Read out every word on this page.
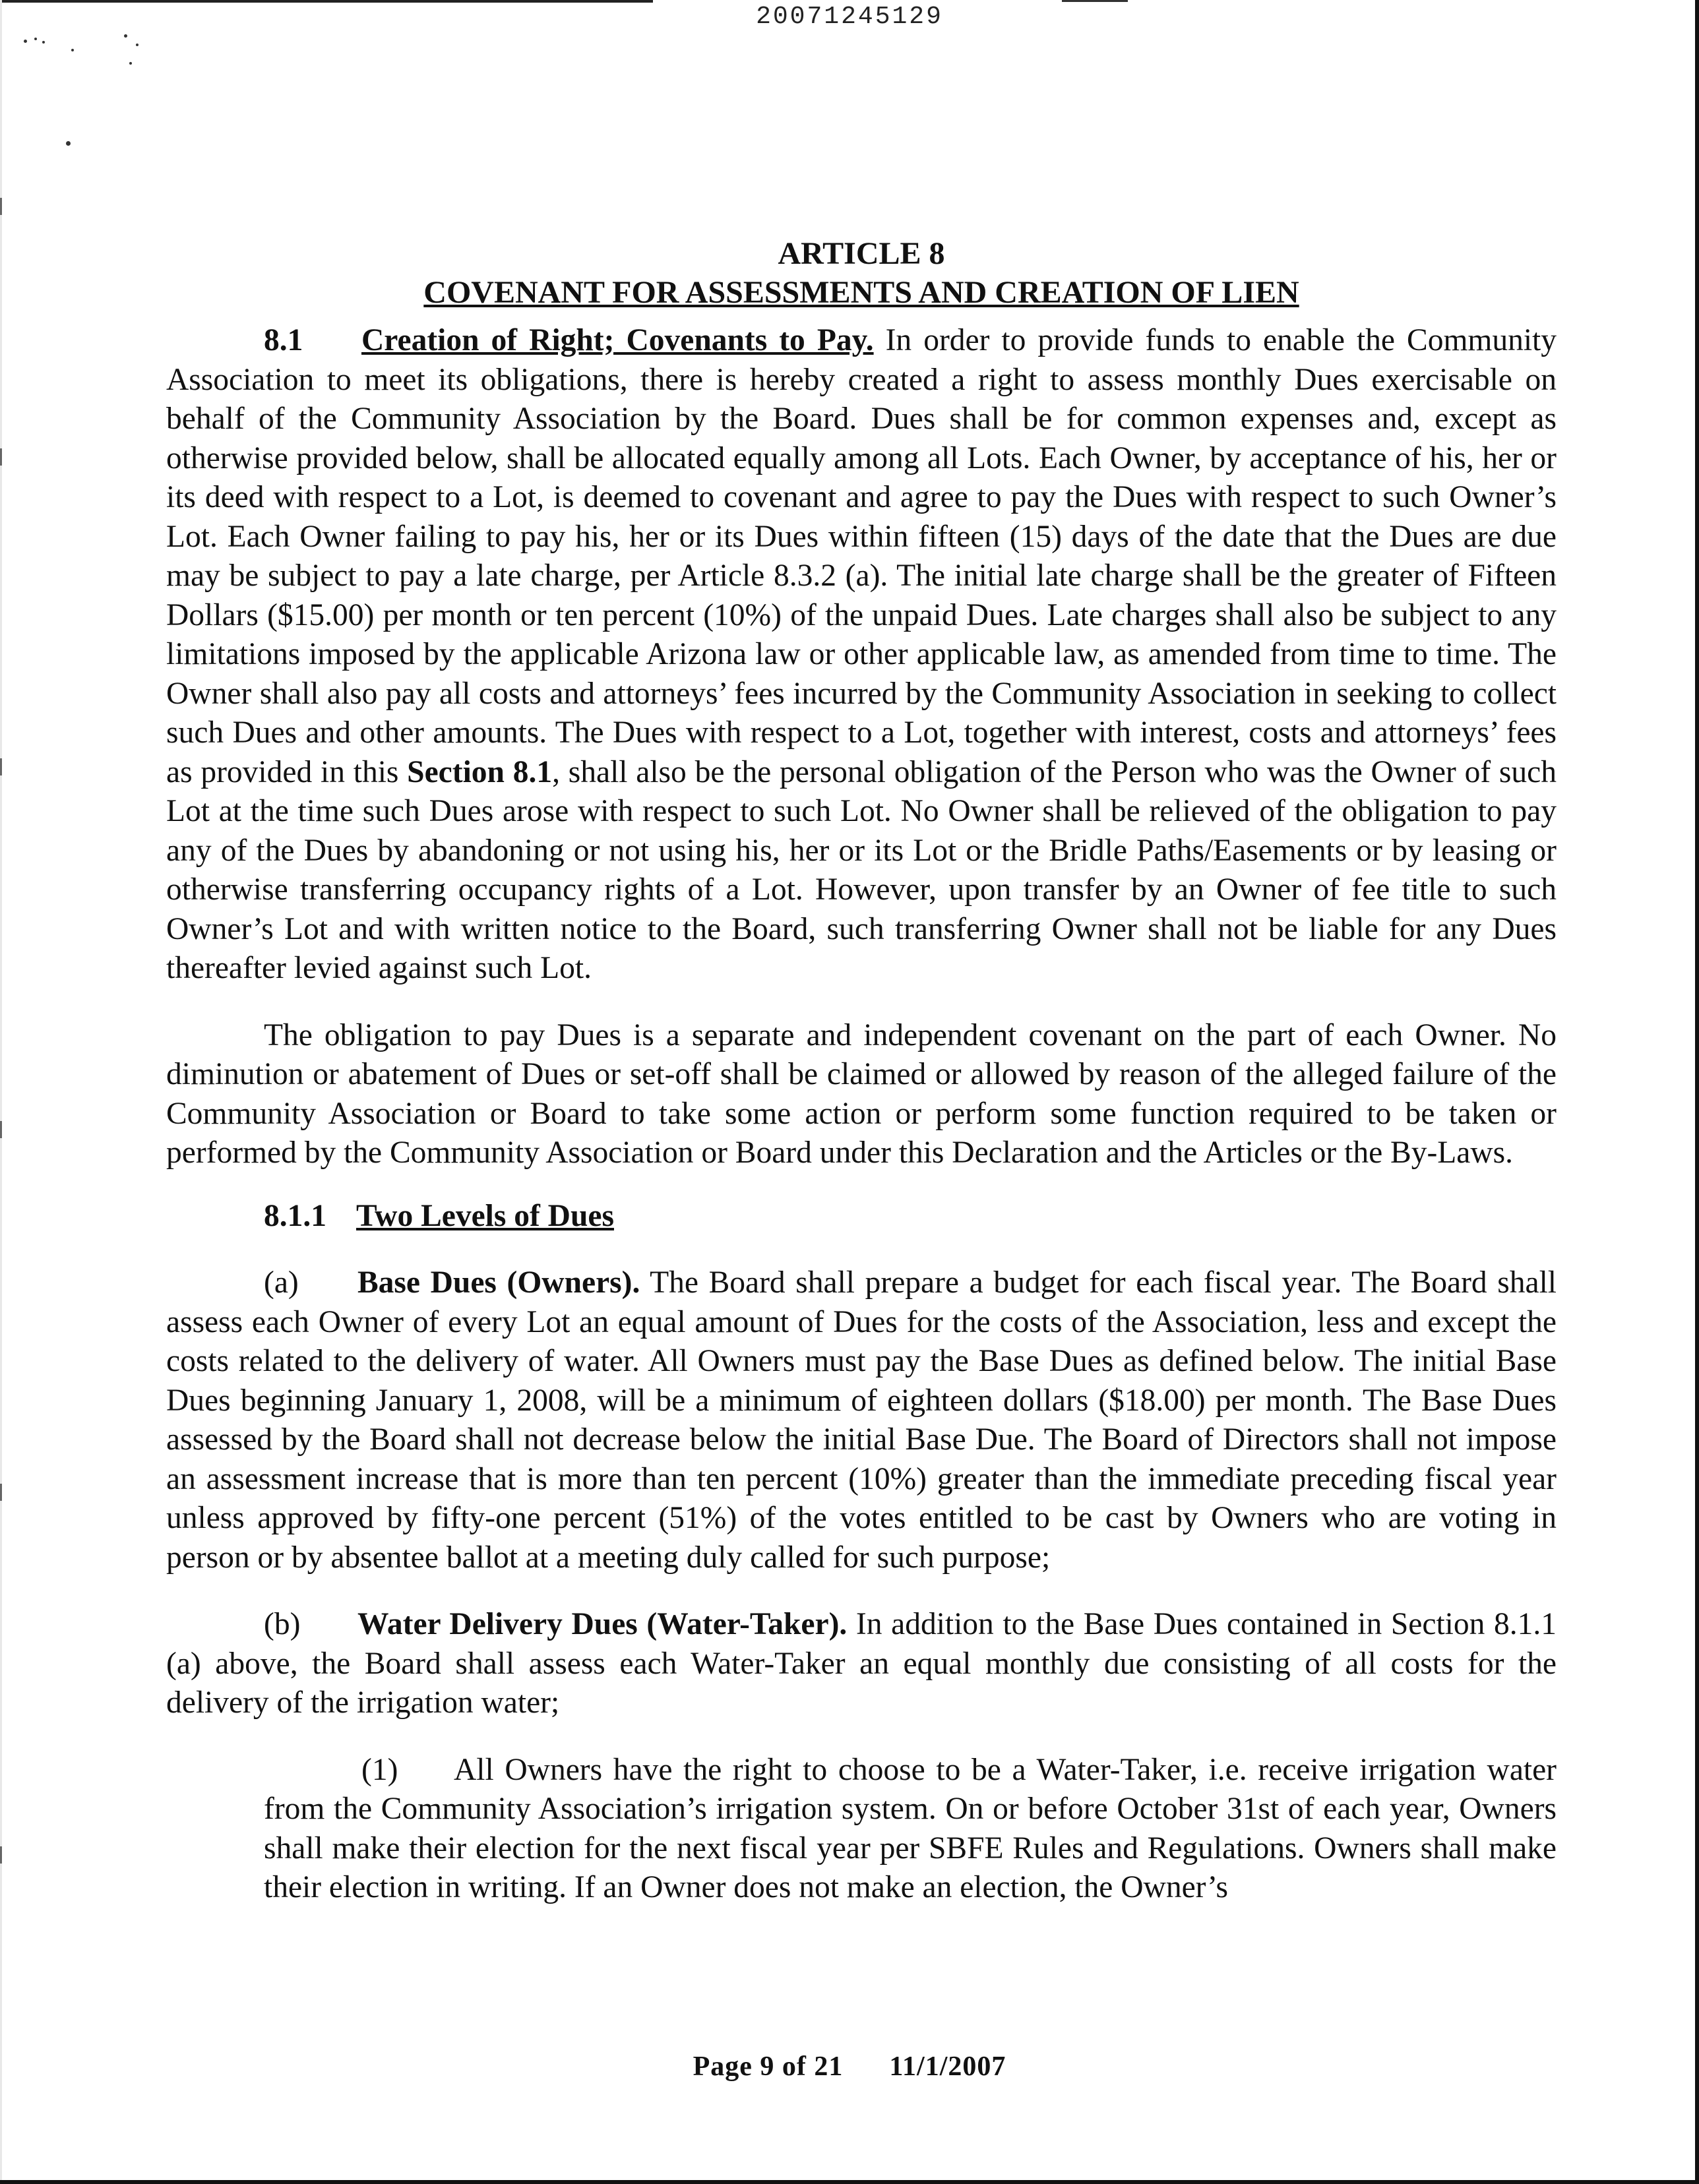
20071245129
ARTICLE 8
COVENANT FOR ASSESSMENTS AND CREATION OF LIEN

8.1 Creation of Right; Covenants to Pay. In order to provide funds to enable the Community Association to meet its obligations, there is hereby created a right to assess monthly Dues exercisable on behalf of the Community Association by the Board. Dues shall be for common expenses and, except as otherwise provided below, shall be allocated equally among all Lots. Each Owner, by acceptance of his, her or its deed with respect to a Lot, is deemed to covenant and agree to pay the Dues with respect to such Owner’s Lot. Each Owner failing to pay his, her or its Dues within fifteen (15) days of the date that the Dues are due may be subject to pay a late charge, per Article 8.3.2 (a). The initial late charge shall be the greater of Fifteen Dollars ($15.00) per month or ten percent (10%) of the unpaid Dues. Late charges shall also be subject to any limitations imposed by the applicable Arizona law or other applicable law, as amended from time to time. The Owner shall also pay all costs and attorneys’ fees incurred by the Community Association in seeking to collect such Dues and other amounts. The Dues with respect to a Lot, together with interest, costs and attorneys’ fees as provided in this Section 8.1, shall also be the personal obligation of the Person who was the Owner of such Lot at the time such Dues arose with respect to such Lot. No Owner shall be relieved of the obligation to pay any of the Dues by abandoning or not using his, her or its Lot or the Bridle Paths/Easements or by leasing or otherwise transferring occupancy rights of a Lot. However, upon transfer by an Owner of fee title to such Owner’s Lot and with written notice to the Board, such transferring Owner shall not be liable for any Dues thereafter levied against such Lot.

The obligation to pay Dues is a separate and independent covenant on the part of each Owner. No diminution or abatement of Dues or set-off shall be claimed or allowed by reason of the alleged failure of the Community Association or Board to take some action or perform some function required to be taken or performed by the Community Association or Board under this Declaration and the Articles or the By-Laws.

8.1.1 Two Levels of Dues

(a) Base Dues (Owners). The Board shall prepare a budget for each fiscal year. The Board shall assess each Owner of every Lot an equal amount of Dues for the costs of the Association, less and except the costs related to the delivery of water. All Owners must pay the Base Dues as defined below. The initial Base Dues beginning January 1, 2008, will be a minimum of eighteen dollars ($18.00) per month. The Base Dues assessed by the Board shall not decrease below the initial Base Due. The Board of Directors shall not impose an assessment increase that is more than ten percent (10%) greater than the immediate preceding fiscal year unless approved by fifty-one percent (51%) of the votes entitled to be cast by Owners who are voting in person or by absentee ballot at a meeting duly called for such purpose;

(b) Water Delivery Dues (Water-Taker). In addition to the Base Dues contained in Section 8.1.1 (a) above, the Board shall assess each Water-Taker an equal monthly due consisting of all costs for the delivery of the irrigation water;

(1) All Owners have the right to choose to be a Water-Taker, i.e. receive irrigation water from the Community Association’s irrigation system. On or before October 31st of each year, Owners shall make their election for the next fiscal year per SBFE Rules and Regulations. Owners shall make their election in writing. If an Owner does not make an election, the Owner’s

Page 9 of 21 11/1/2007
